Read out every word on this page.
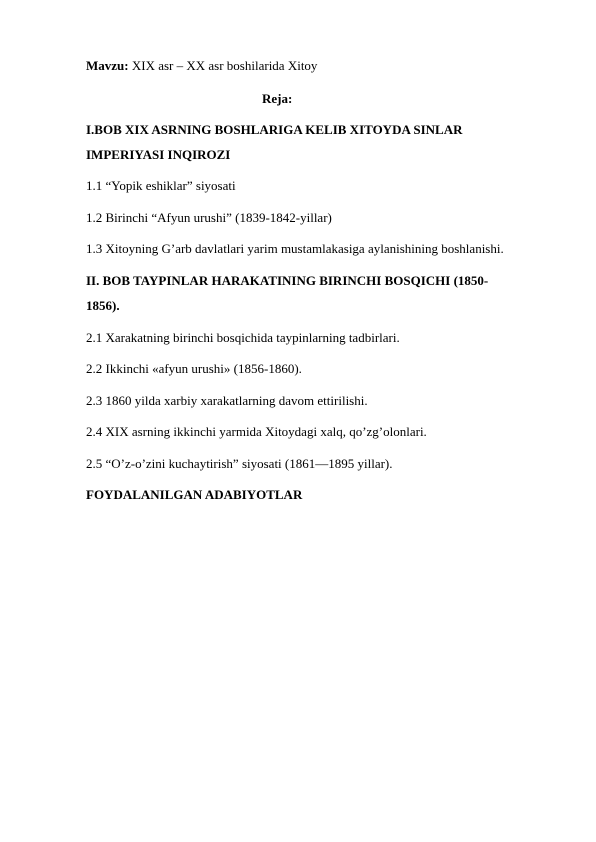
Mavzu: XIX asr – XX asr boshilarida Xitoy
Reja:
I.BOB XIX ASRNING BOSHLARIGA KELIB XITOYDA SINLAR
IMPERIYASI INQIROZI
1.1 “Yopik eshiklar” siyosati
1.2 Birinchi “Afyun urushi” (1839-1842-yillar)
1.3 Xitoyning G’arb davlatlari yarim mustamlakasiga aylanishining boshlanishi.
II. BOB TAYPINLAR HARAKATINING BIRINCHI BOSQICHI (1850-
1856).
2.1 Xarakatning birinchi bosqichida taypinlarning tadbirlari.
2.2 Ikkinchi «afyun urushi» (1856-1860).
2.3 1860 yilda xarbiy xarakatlarning davom ettirilishi.
2.4 XIX asrning ikkinchi yarmida Xitoydagi xalq, qo’zg’olonlari.
2.5 “O’z-o’zini kuchaytirish” siyosati (1861—1895 yillar).
FOYDALANILGAN ADABIYOTLAR
